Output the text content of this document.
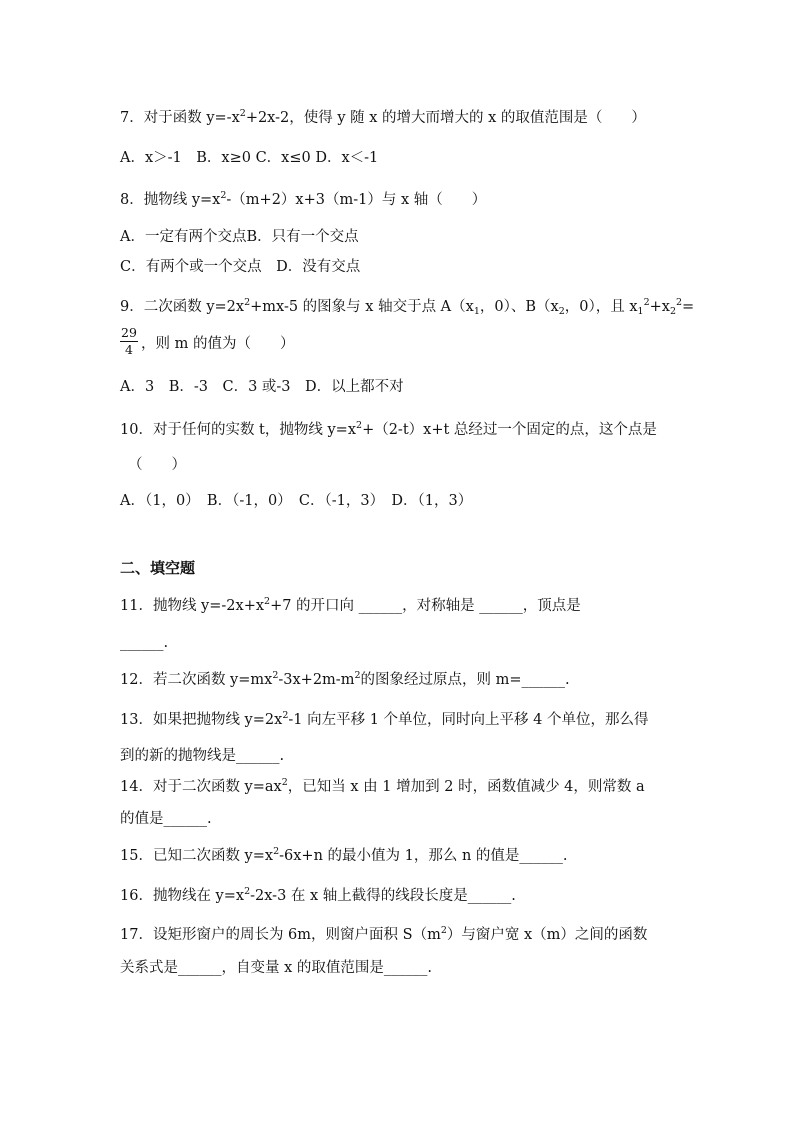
7．对于函数 $y=-x^2+2x-2$，使得 y 随 x 的增大而增大的 x 的取值范围是（　　）
A．x＞-1　B．x≥0 C．x≤0 D．x＜-1
8．抛物线 $y=x^2-(m+2)x+3(m-1)$与 x 轴（　　）
A．一定有两个交点B．只有一个交点
C．有两个或一个交点　D．没有交点
9．二次函数 $y=2x^2+mx-5$ 的图象与 x 轴交于点 $A(x_1$，0）、$B(x_2$，0），且 $x_1^2+x_2^2=$
$\frac{29}{4}$ ，则 m 的值为（　　）
A．3　B．-3　C．3 或-3　D．以上都不对
10．对于任何的实数 t，抛物线 $y=x^2+(2-t)x+t$ 总经过一个固定的点，这个点是
（　　）
A．（1，0）　B．（-1，0）　C．（-1，3）　D．（1，3）
二、填空题
11．抛物线 $y=-2x+x^2+7$ 的开口向 ______，对称轴是 ______，顶点是
______.
12．若二次函数 $y=mx^2-3x+2m-m^2$的图象经过原点，则 m=______.
13．如果把抛物线 $y=2x^2-1$ 向左平移 1 个单位，同时向上平移 4 个单位，那么得
到的新的抛物线是______.
14．对于二次函数 $y=ax^2$，已知当 x 由 1 增加到 2 时，函数值减少 4，则常数 a
的值是______.
15．已知二次函数 $y=x^2-6x+n$ 的最小值为 1，那么 n 的值是______.
16．抛物线在 $y=x^2-2x-3$ 在 x 轴上截得的线段长度是______.
17．设矩形窗户的周长为 6m，则窗户面积 $S(m^2)$与窗户宽 x（m）之间的函数
关系式是______，自变量 x 的取值范围是______.
